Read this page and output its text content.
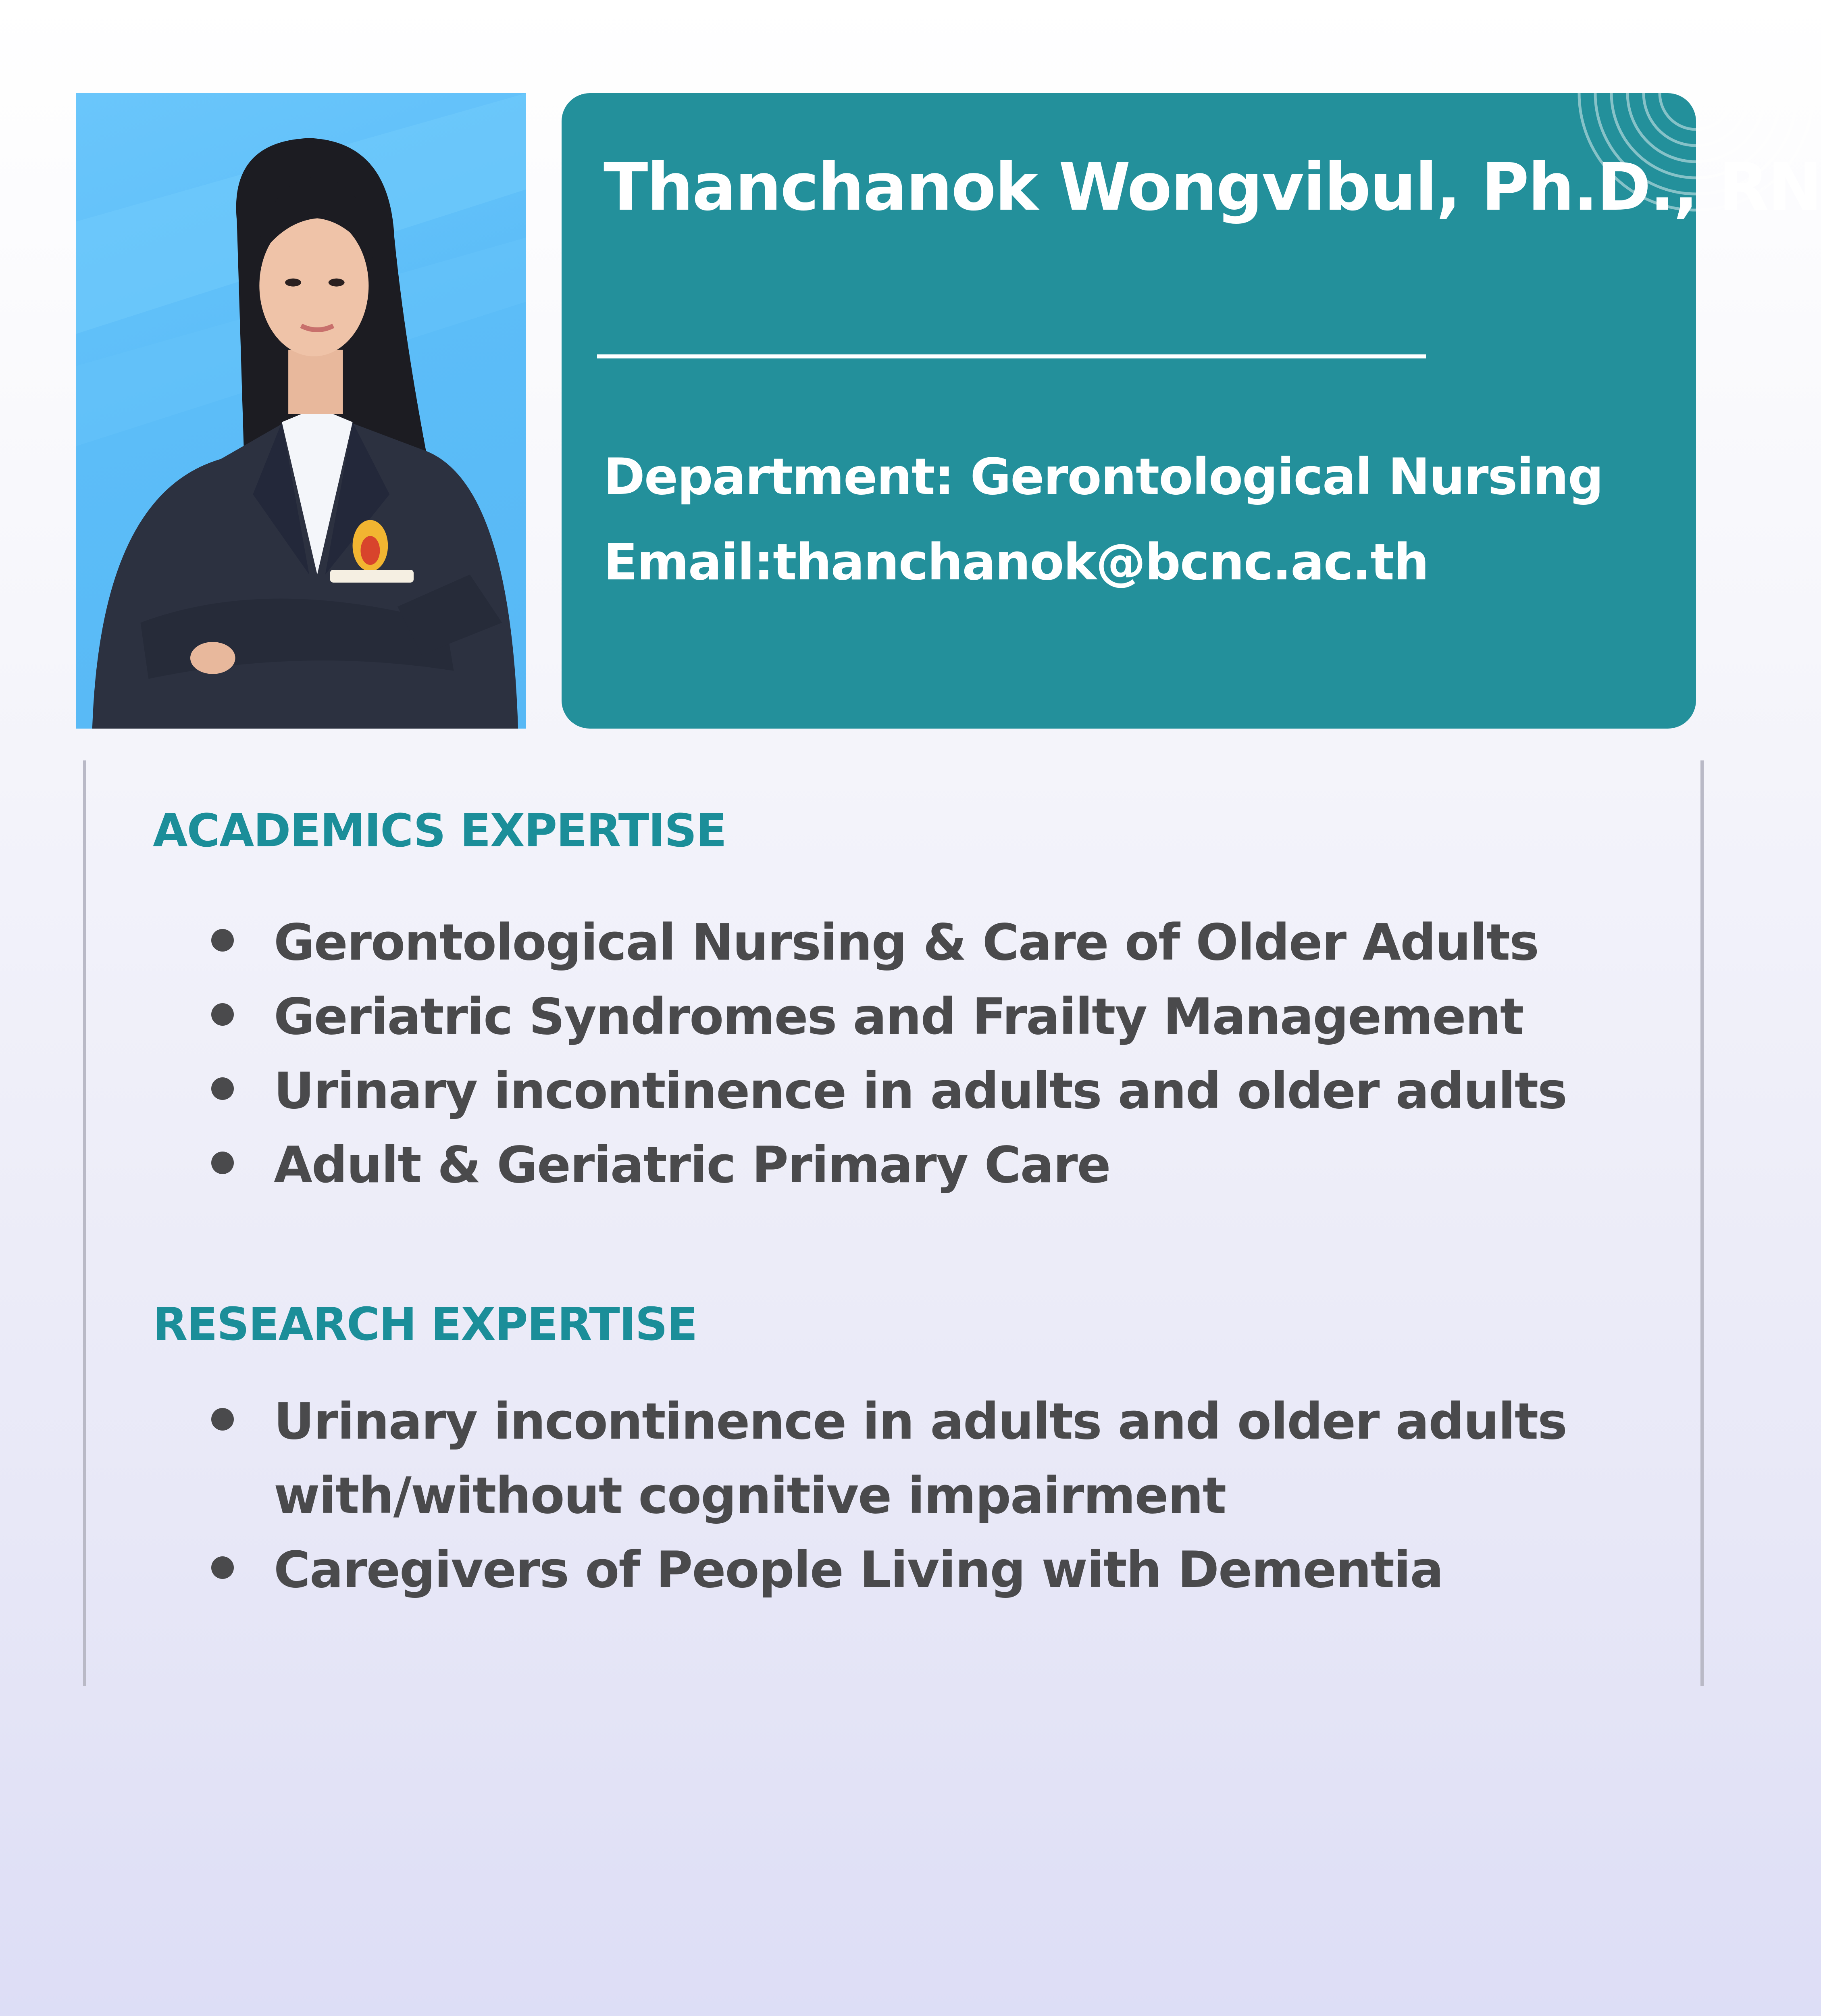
Thanchanok Wongvibul, Ph.D., RN

Department: Gerontological Nursing

Email:thanchanok@bcnc.ac.th

ACADEMICS EXPERTISE
Gerontological Nursing & Care of Older Adults
Geriatric Syndromes and Frailty Management
Urinary incontinence in adults and older adults
Adult & Geriatric Primary Care
RESEARCH EXPERTISE
Urinary incontinence in adults and older adults
with/without cognitive impairment
Caregivers of People Living with Dementia
